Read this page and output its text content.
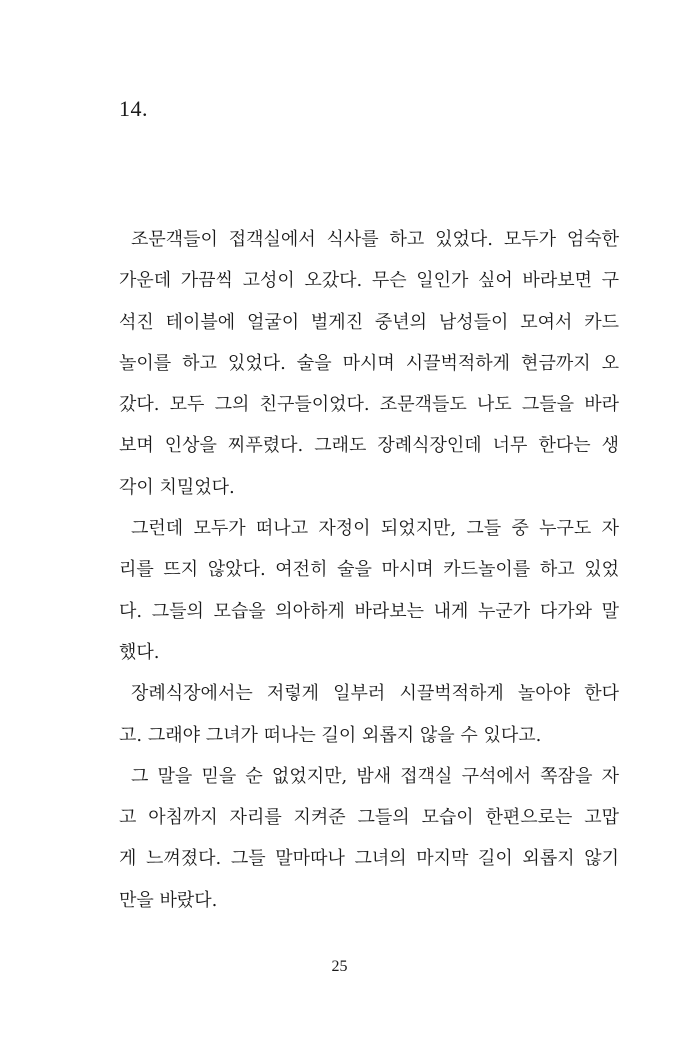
14.
조문객들이 접객실에서 식사를 하고 있었다. 모두가 엄숙한
가운데 가끔씩 고성이 오갔다. 무슨 일인가 싶어 바라보면 구
석진 테이블에 얼굴이 벌게진 중년의 남성들이 모여서 카드
놀이를 하고 있었다. 술을 마시며 시끌벅적하게 현금까지 오
갔다. 모두 그의 친구들이었다. 조문객들도 나도 그들을 바라
보며 인상을 찌푸렸다. 그래도 장례식장인데 너무 한다는 생
각이 치밀었다.
그런데 모두가 떠나고 자정이 되었지만, 그들 중 누구도 자
리를 뜨지 않았다. 여전히 술을 마시며 카드놀이를 하고 있었
다. 그들의 모습을 의아하게 바라보는 내게 누군가 다가와 말
했다.
장례식장에서는 저렇게 일부러 시끌벅적하게 놀아야 한다
고. 그래야 그녀가 떠나는 길이 외롭지 않을 수 있다고.
그 말을 믿을 순 없었지만, 밤새 접객실 구석에서 쪽잠을 자
고 아침까지 자리를 지켜준 그들의 모습이 한편으로는 고맙
게 느껴졌다. 그들 말마따나 그녀의 마지막 길이 외롭지 않기
만을 바랐다.
25
